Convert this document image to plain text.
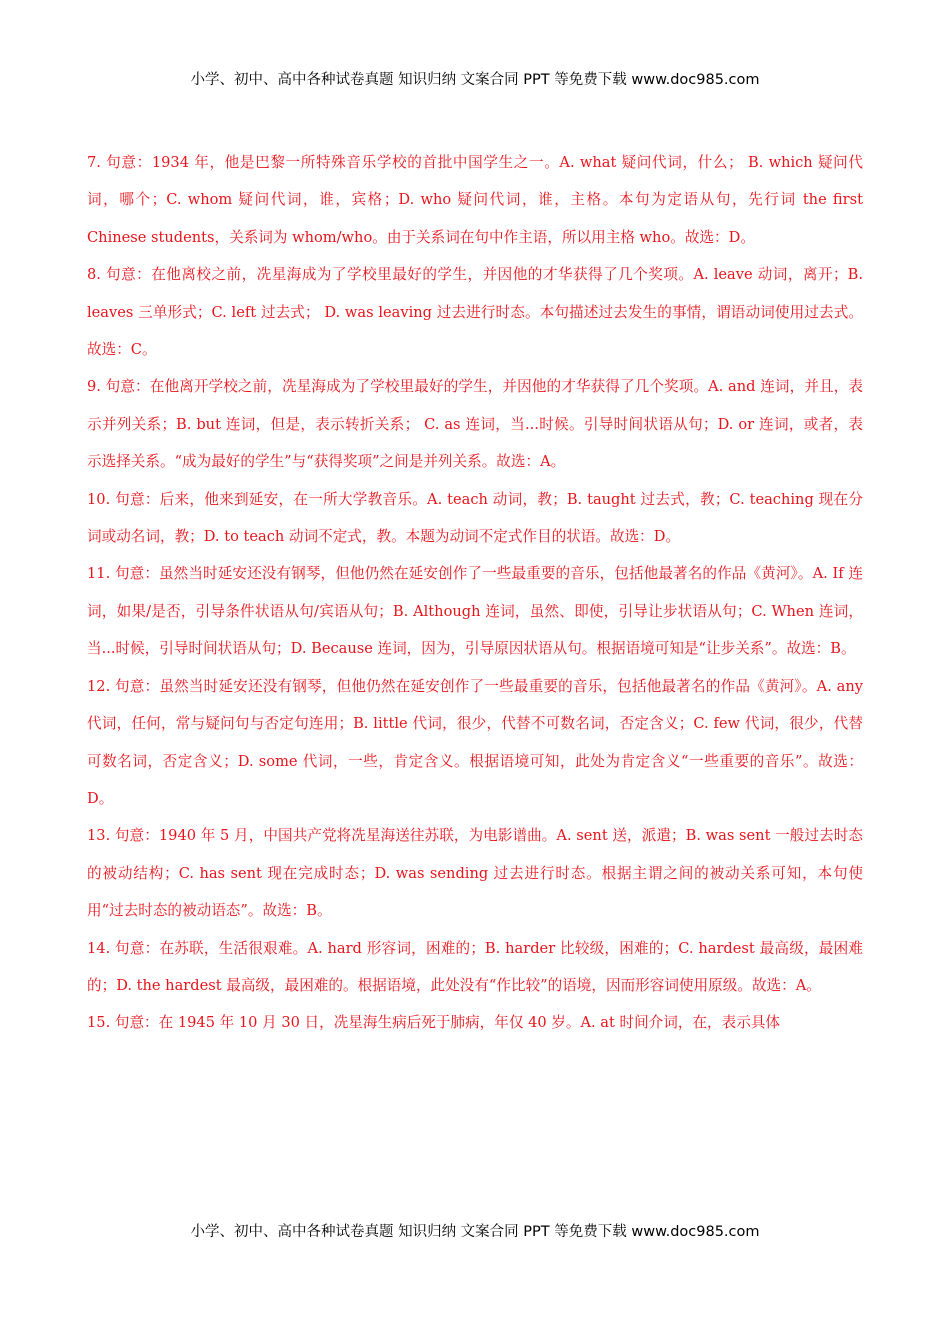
小学、初中、高中各种试卷真题 知识归纳 文案合同 PPT 等免费下载 www.doc985.com

7. 句意：1934 年，他是巴黎一所特殊音乐学校的首批中国学生之一。A. what 疑问代词，什么； B. which 疑问代词，哪个；C. whom 疑问代词，谁，宾格；D. who 疑问代词，谁，主格。本句为定语从句，先行词 the first Chinese students，关系词为 whom/who。由于关系词在句中作主语，所以用主格 who。故选：D。

8. 句意：在他离校之前，冼星海成为了学校里最好的学生，并因他的才华获得了几个奖项。A. leave 动词，离开；B. leaves 三单形式；C. left 过去式； D. was leaving 过去进行时态。本句描述过去发生的事情，谓语动词使用过去式。故选：C。

9. 句意：在他离开学校之前，冼星海成为了学校里最好的学生，并因他的才华获得了几个奖项。A. and 连词，并且，表示并列关系；B. but 连词，但是，表示转折关系； C. as 连词，当...时候。引导时间状语从句；D. or 连词，或者，表示选择关系。“成为最好的学生”与“获得奖项”之间是并列关系。故选：A。

10. 句意：后来，他来到延安，在一所大学教音乐。A. teach 动词，教；B. taught 过去式，教；C. teaching 现在分词或动名词，教；D. to teach 动词不定式，教。本题为动词不定式作目的状语。故选：D。

11. 句意：虽然当时延安还没有钢琴，但他仍然在延安创作了一些最重要的音乐，包括他最著名的作品《黄河》。A. If 连词，如果/是否，引导条件状语从句/宾语从句；B. Although 连词，虽然、即使，引导让步状语从句；C. When 连词，当...时候，引导时间状语从句；D. Because 连词，因为，引导原因状语从句。根据语境可知是“让步关系”。故选：B。

12. 句意：虽然当时延安还没有钢琴，但他仍然在延安创作了一些最重要的音乐，包括他最著名的作品《黄河》。A. any 代词，任何，常与疑问句与否定句连用；B. little 代词，很少，代替不可数名词，否定含义；C. few 代词，很少，代替可数名词，否定含义；D. some 代词，一些，肯定含义。根据语境可知，此处为肯定含义“一些重要的音乐”。故选：D。

13. 句意：1940 年 5 月，中国共产党将冼星海送往苏联，为电影谱曲。A. sent 送，派遣；B. was sent 一般过去时态的被动结构；C. has sent 现在完成时态；D. was sending 过去进行时态。根据主谓之间的被动关系可知，本句使用“过去时态的被动语态”。故选：B。

14. 句意：在苏联，生活很艰难。A. hard 形容词，困难的；B. harder 比较级，困难的；C. hardest 最高级，最困难的；D. the hardest 最高级，最困难的。根据语境，此处没有“作比较”的语境，因而形容词使用原级。故选：A。

15. 句意：在 1945 年 10 月 30 日，冼星海生病后死于肺病，年仅 40 岁。A. at 时间介词，在，表示具体

小学、初中、高中各种试卷真题 知识归纳 文案合同 PPT 等免费下载 www.doc985.com
